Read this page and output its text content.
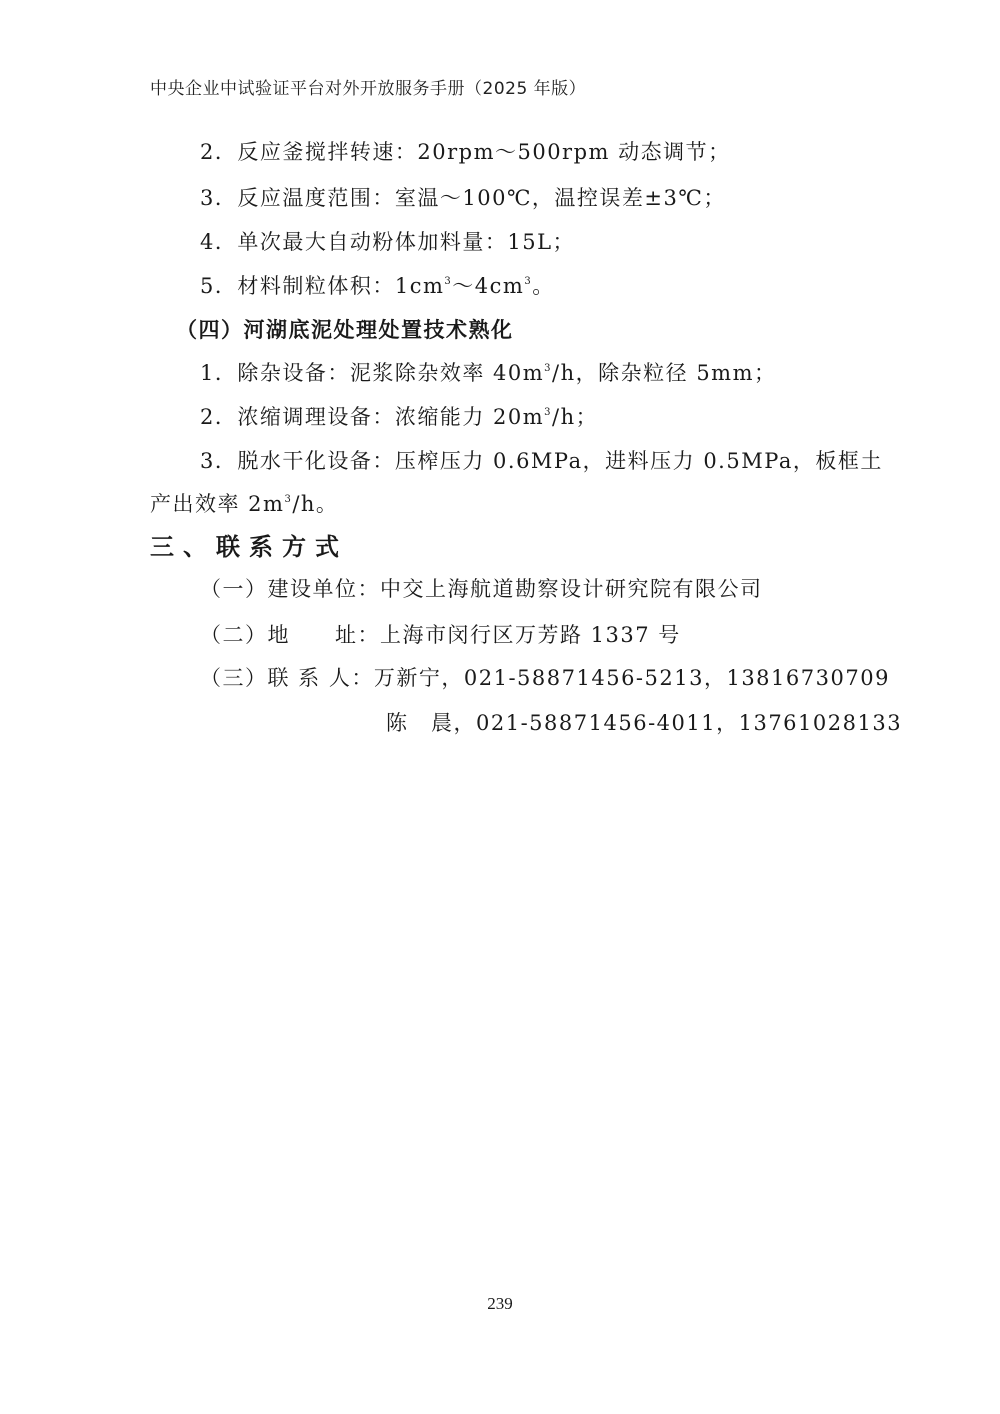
中央企业中试验证平台对外开放服务手册（2025 年版）
2．反应釜搅拌转速：20rpm～500rpm 动态调节；
3．反应温度范围：室温～100℃，温控误差±3℃；
4．单次最大自动粉体加料量：15L；
5．材料制粒体积：$1cm^3\sim 4cm^3$。
（四）河湖底泥处理处置技术熟化
1．除杂设备：泥浆除杂效率 $40m^3/h$，除杂粒径 5mm；
2．浓缩调理设备：浓缩能力 $20m^3/h$；
3．脱水干化设备：压榨压力 0.6MPa，进料压力 0.5MPa，板框土
产出效率 $2m^3/h$。
三、联系方式
（一）建设单位：中交上海航道勘察设计研究院有限公司
（二）地　　址：上海市闵行区万芳路 1337 号
（三）联 系 人：万新宁，021-58871456-5213，13816730709
陈　晨，021-58871456-4011，13761028133
239
